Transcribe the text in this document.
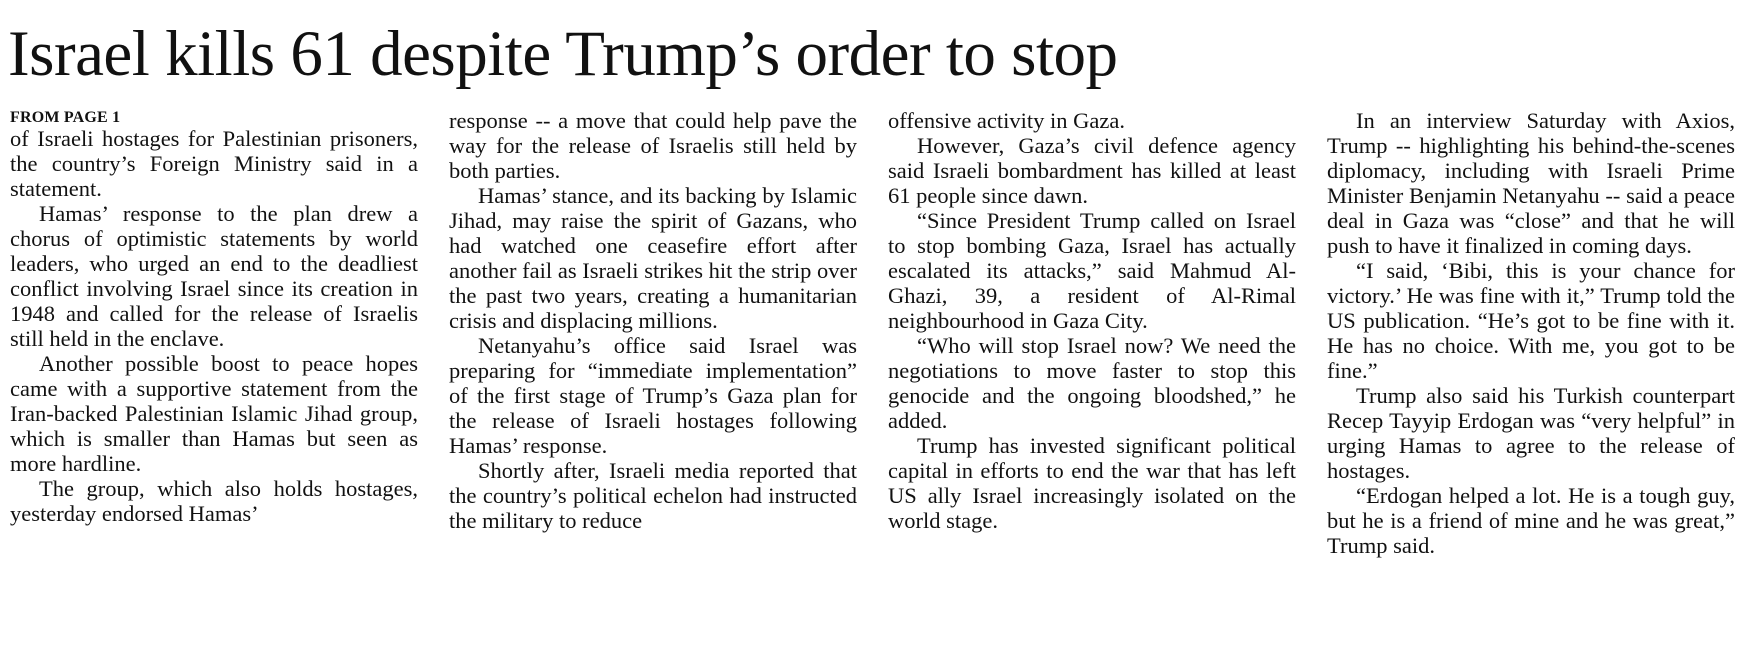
Israel kills 61 despite Trump’s order to stop
FROM PAGE 1

of Israeli hostages for Palestinian prisoners, the country’s Foreign Ministry said in a statement.

Hamas’ response to the plan drew a chorus of optimistic statements by world leaders, who urged an end to the deadliest conflict involving Israel since its creation in 1948 and called for the release of Israelis still held in the enclave.

Another possible boost to peace hopes came with a supportive statement from the Iran-backed Palestinian Islamic Jihad group, which is smaller than Hamas but seen as more hardline.

The group, which also holds hostages, yesterday endorsed Hamas’

response -- a move that could help pave the way for the release of Israelis still held by both parties.

Hamas’ stance, and its backing by Islamic Jihad, may raise the spirit of Gazans, who had watched one ceasefire effort after another fail as Israeli strikes hit the strip over the past two years, creating a humanitarian crisis and displacing millions.

Netanyahu’s office said Israel was preparing for “immediate implementation” of the first stage of Trump’s Gaza plan for the release of Israeli hostages following Hamas’ response.

Shortly after, Israeli media reported that the country’s political echelon had instructed the military to reduce

offensive activity in Gaza.

However, Gaza’s civil defence agency said Israeli bombardment has killed at least 61 people since dawn.

“Since President Trump called on Israel to stop bombing Gaza, Israel has actually escalated its attacks,” said Mahmud Al-Ghazi, 39, a resident of Al-Rimal neighbourhood in Gaza City.

“Who will stop Israel now? We need the negotiations to move faster to stop this genocide and the ongoing bloodshed,” he added.

Trump has invested significant political capital in efforts to end the war that has left US ally Israel increasingly isolated on the world stage.

In an interview Saturday with Axios, Trump -- highlighting his behind-the-scenes diplomacy, including with Israeli Prime Minister Benjamin Netanyahu -- said a peace deal in Gaza was “close” and that he will push to have it finalized in coming days.

“I said, ‘Bibi, this is your chance for victory.’ He was fine with it,” Trump told the US publication. “He’s got to be fine with it. He has no choice. With me, you got to be fine.”

Trump also said his Turkish counterpart Recep Tayyip Erdogan was “very helpful” in urging Hamas to agree to the release of hostages.

“Erdogan helped a lot. He is a tough guy, but he is a friend of mine and he was great,” Trump said.
